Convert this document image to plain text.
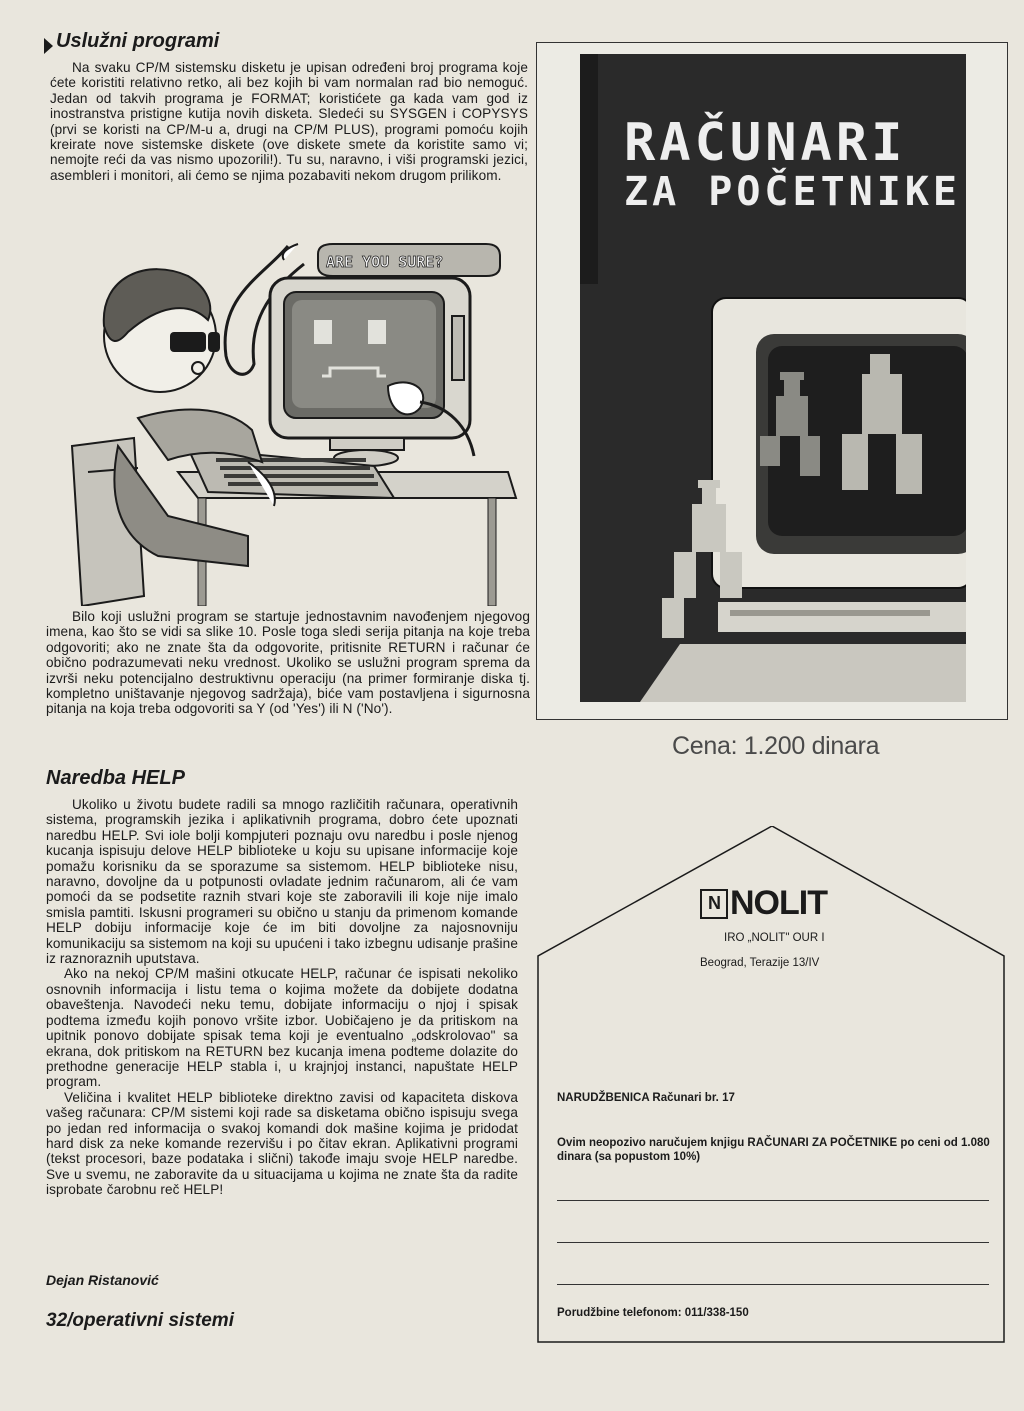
Uslužni programi

Na svaku CP/M sistemsku disketu je upisan određeni broj programa koje ćete koristiti relativno retko, ali bez kojih bi vam normalan rad bio nemoguć. Jedan od takvih programa je FORMAT; koristićete ga kada vam god iz inostranstva pristigne kutija novih disketa. Sledeći su SYSGEN i COPYSYS (prvi se koristi na CP/M-u a, drugi na CP/M PLUS), programi pomoću kojih kreirate nove sistemske diskete (ove diskete smete da koristite samo vi; nemojte reći da vas nismo upozorili!). Tu su, naravno, i viši programski jezici, asembleri i monitori, ali ćemo se njima pozabaviti nekom drugom prilikom.

ARE YOU SURE?

Bilo koji uslužni program se startuje jednostavnim navođenjem njegovog imena, kao što se vidi sa slike 10. Posle toga sledi serija pitanja na koje treba odgovoriti; ako ne znate šta da odgovorite, pritisnite RETURN i računar će obično podrazumevati neku vrednost. Ukoliko se uslužni program sprema da izvrši neku potencijalno destruktivnu operaciju (na primer formiranje diska tj. kompletno uništavanje njegovog sadržaja), biće vam postavljena i sigurnosna pitanja na koja treba odgovoriti sa Y (od 'Yes') ili N ('No').

Naredba HELP
Ukoliko u životu budete radili sa mnogo različitih računara, operativnih sistema, programskih jezika i aplikativnih programa, dobro ćete upoznati naredbu HELP. Svi iole bolji kompjuteri poznaju ovu naredbu i posle njenog kucanja ispisuju delove HELP biblioteke u koju su upisane informacije koje pomažu korisniku da se sporazume sa sistemom. HELP biblioteke nisu, naravno, dovoljne da u potpunosti ovladate jednim računarom, ali će vam pomoći da se podsetite raznih stvari koje ste zaboravili ili koje nije imalo smisla pamtiti. Iskusni programeri su obično u stanju da primenom komande HELP dobiju informacije koje će im biti dovoljne za najosnovniju komunikaciju sa sistemom na koji su upućeni i tako izbegnu udisanje prašine iz raznoraznih uputstava.
Ako na nekoj CP/M mašini otkucate HELP, računar će ispisati nekoliko osnovnih informacija i listu tema o kojima možete da dobijete dodatna obaveštenja. Navodeći neku temu, dobijate informaciju o njoj i spisak podtema između kojih ponovo vršite izbor. Uobičajeno je da pritiskom na upitnik ponovo dobijate spisak tema koji je eventualno „odskrolovao" sa ekrana, dok pritiskom na RETURN bez kucanja imena podteme dolazite do prethodne generacije HELP stabla i, u krajnjoj instanci, napuštate HELP program.
Veličina i kvalitet HELP biblioteke direktno zavisi od kapaciteta diskova vašeg računara: CP/M sistemi koji rade sa disketama obično ispisuju svega po jedan red informacija o svakoj komandi dok mašine kojima je pridodat hard disk za neke komande rezervišu i po čitav ekran. Aplikativni programi (tekst procesori, baze podataka i slični) takođe imaju svoje HELP naredbe. Sve u svemu, ne zaboravite da u situacijama u kojima ne znate šta da radite isprobate čarobnu reč HELP!
Dejan Ristanović
32/operativni sistemi
RAČUNARI
ZA POČETNIKE
Cena: 1.200 dinara
N NOLIT
IRO „NOLIT" OUR I
Beograd, Terazije 13/IV
NARUDŽBENICA Računari br. 17
Ovim neopozivo naručujem knjigu RAČUNARI ZA POČETNIKE po ceni od 1.080 dinara (sa popustom 10%)
Porudžbine telefonom: 011/338-150
